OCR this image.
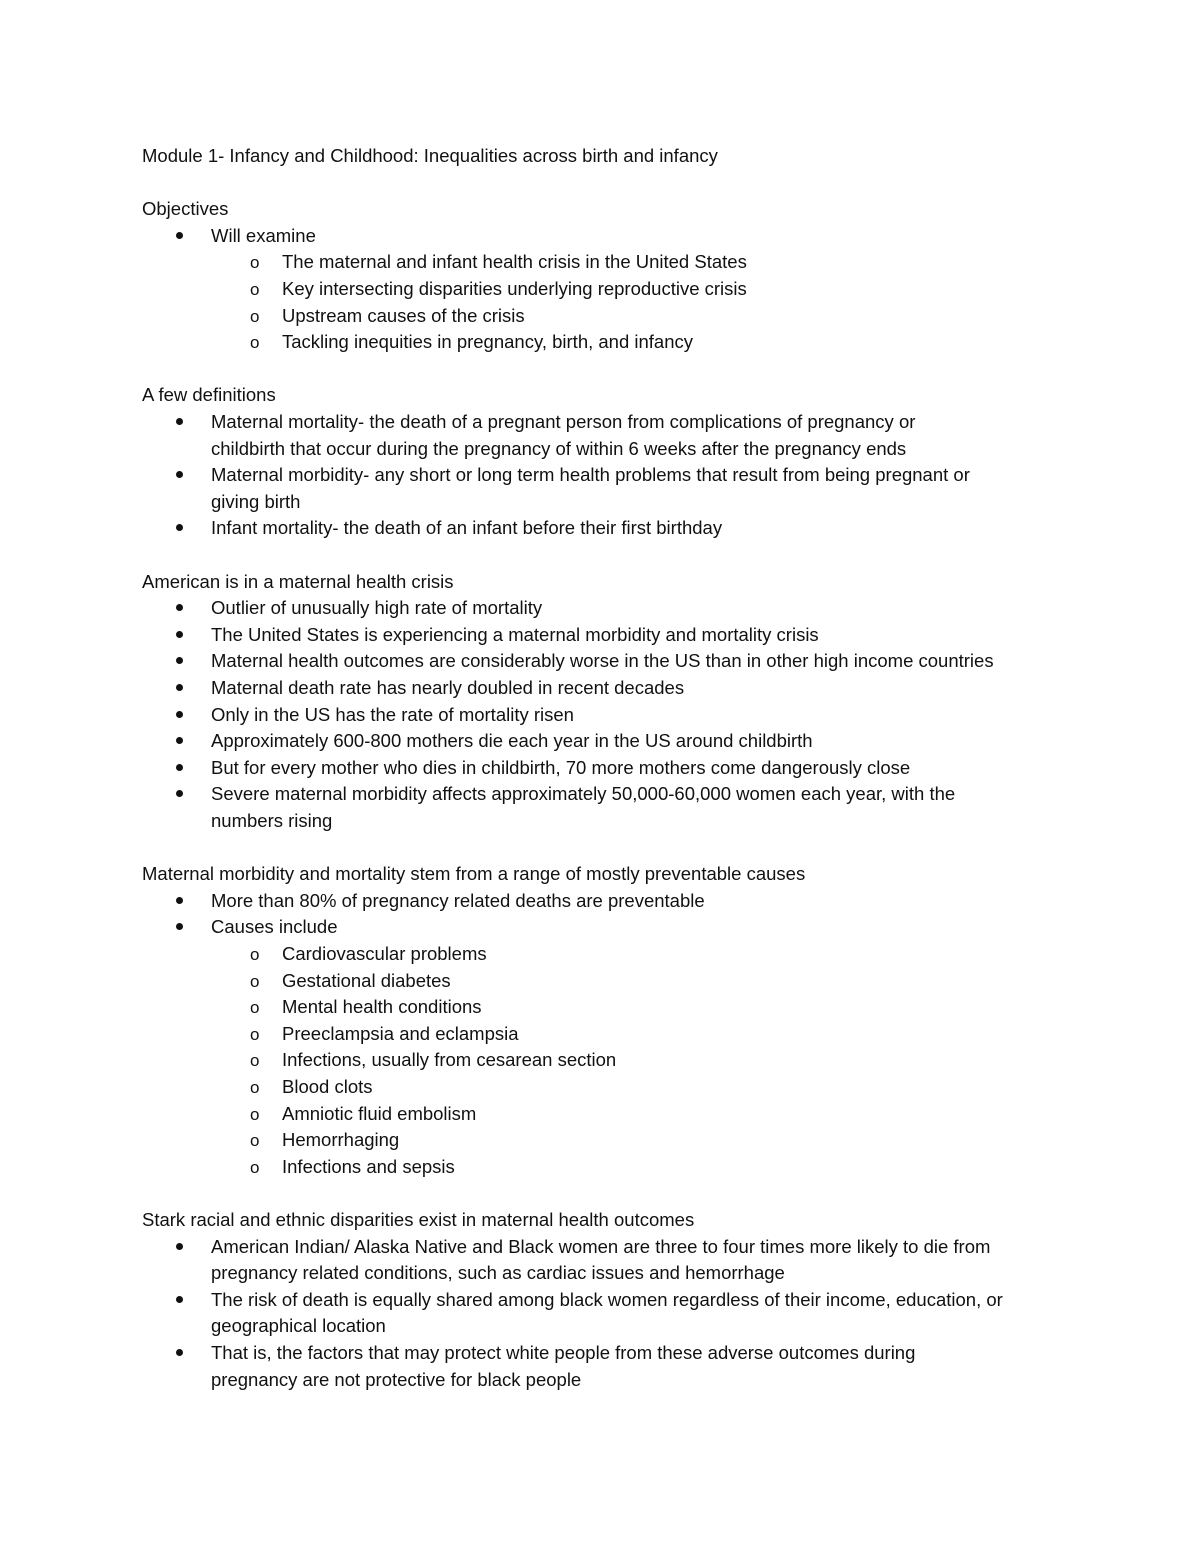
Module 1- Infancy and Childhood: Inequalities across birth and infancy
Objectives
Will examine
o The maternal and infant health crisis in the United States
o Key intersecting disparities underlying reproductive crisis
o Upstream causes of the crisis
o Tackling inequities in pregnancy, birth, and infancy
A few definitions
Maternal mortality- the death of a pregnant person from complications of pregnancy or
childbirth that occur during the pregnancy of within 6 weeks after the pregnancy ends
Maternal morbidity- any short or long term health problems that result from being pregnant or
giving birth
Infant mortality- the death of an infant before their first birthday
American is in a maternal health crisis
Outlier of unusually high rate of mortality
The United States is experiencing a maternal morbidity and mortality crisis
Maternal health outcomes are considerably worse in the US than in other high income countries
Maternal death rate has nearly doubled in recent decades
Only in the US has the rate of mortality risen
Approximately 600-800 mothers die each year in the US around childbirth
But for every mother who dies in childbirth, 70 more mothers come dangerously close
Severe maternal morbidity affects approximately 50,000-60,000 women each year, with the
numbers rising
Maternal morbidity and mortality stem from a range of mostly preventable causes
More than 80% of pregnancy related deaths are preventable
Causes include
o Cardiovascular problems
o Gestational diabetes
o Mental health conditions
o Preeclampsia and eclampsia
o Infections, usually from cesarean section
o Blood clots
o Amniotic fluid embolism
o Hemorrhaging
o Infections and sepsis
Stark racial and ethnic disparities exist in maternal health outcomes
American Indian/ Alaska Native and Black women are three to four times more likely to die from
pregnancy related conditions, such as cardiac issues and hemorrhage
The risk of death is equally shared among black women regardless of their income, education, or
geographical location
That is, the factors that may protect white people from these adverse outcomes during
pregnancy are not protective for black people
